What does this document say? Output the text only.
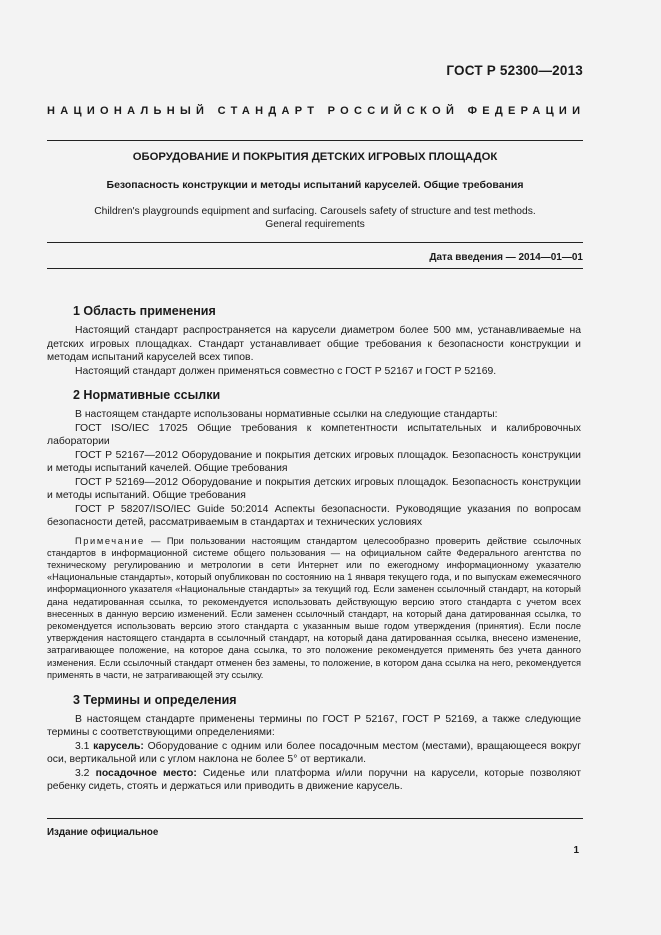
ГОСТ Р 52300—2013
НАЦИОНАЛЬНЫЙ СТАНДАРТ РОССИЙСКОЙ ФЕДЕРАЦИИ
ОБОРУДОВАНИЕ И ПОКРЫТИЯ ДЕТСКИХ ИГРОВЫХ ПЛОЩАДОК
Безопасность конструкции и методы испытаний каруселей. Общие требования
Children's playgrounds equipment and surfacing. Carousels safety of structure and test methods.
General requirements
Дата введения — 2014—01—01
1 Область применения

Настоящий стандарт распространяется на карусели диаметром более 500 мм, устанавливаемые на детских игровых площадках. Стандарт устанавливает общие требования к безопасности конструкции и методам испытаний каруселей всех типов.

Настоящий стандарт должен применяться совместно с ГОСТ Р 52167 и ГОСТ Р 52169.

2 Нормативные ссылки

В настоящем стандарте использованы нормативные ссылки на следующие стандарты:

ГОСТ ISO/IEC 17025 Общие требования к компетентности испытательных и калибровочных лаборатории

ГОСТ Р 52167—2012 Оборудование и покрытия детских игровых площадок. Безопасность конструкции и методы испытаний качелей. Общие требования

ГОСТ Р 52169—2012 Оборудование и покрытия детских игровых площадок. Безопасность конструкции и методы испытаний. Общие требования

ГОСТ Р 58207/ISO/IEC Guide 50:2014 Аспекты безопасности. Руководящие указания по вопросам безопасности детей, рассматриваемым в стандартах и технических условиях

Примечание — При пользовании настоящим стандартом целесообразно проверить действие ссылочных стандартов в информационной системе общего пользования — на официальном сайте Федерального агентства по техническому регулированию и метрологии в сети Интернет или по ежегодному информационному указателю «Национальные стандарты», который опубликован по состоянию на 1 января текущего года, и по выпускам ежемесячного информационного указателя «Национальные стандарты» за текущий год. Если заменен ссылочный стандарт, на который дана недатированная ссылка, то рекомендуется использовать действующую версию этого стандарта с учетом всех внесенных в данную версию изменений. Если заменен ссылочный стандарт, на который дана датированная ссылка, то рекомендуется использовать версию этого стандарта с указанным выше годом утверждения (принятия). Если после утверждения настоящего стандарта в ссылочный стандарт, на который дана датированная ссылка, внесено изменение, затрагивающее положение, на которое дана ссылка, то это положение рекомендуется применять без учета данного изменения. Если ссылочный стандарт отменен без замены, то положение, в котором дана ссылка на него, рекомендуется применять в части, не затрагивающей эту ссылку.
3 Термины и определения

В настоящем стандарте применены термины по ГОСТ Р 52167, ГОСТ Р 52169, а также следующие термины с соответствующими определениями:

3.1 карусель: Оборудование с одним или более посадочным местом (местами), вращающееся вокруг оси, вертикальной или с углом наклона не более 5° от вертикали.

3.2 посадочное место: Сиденье или платформа и/или поручни на карусели, которые позволяют ребенку сидеть, стоять и держаться или приводить в движение карусель.

Издание официальное
1
